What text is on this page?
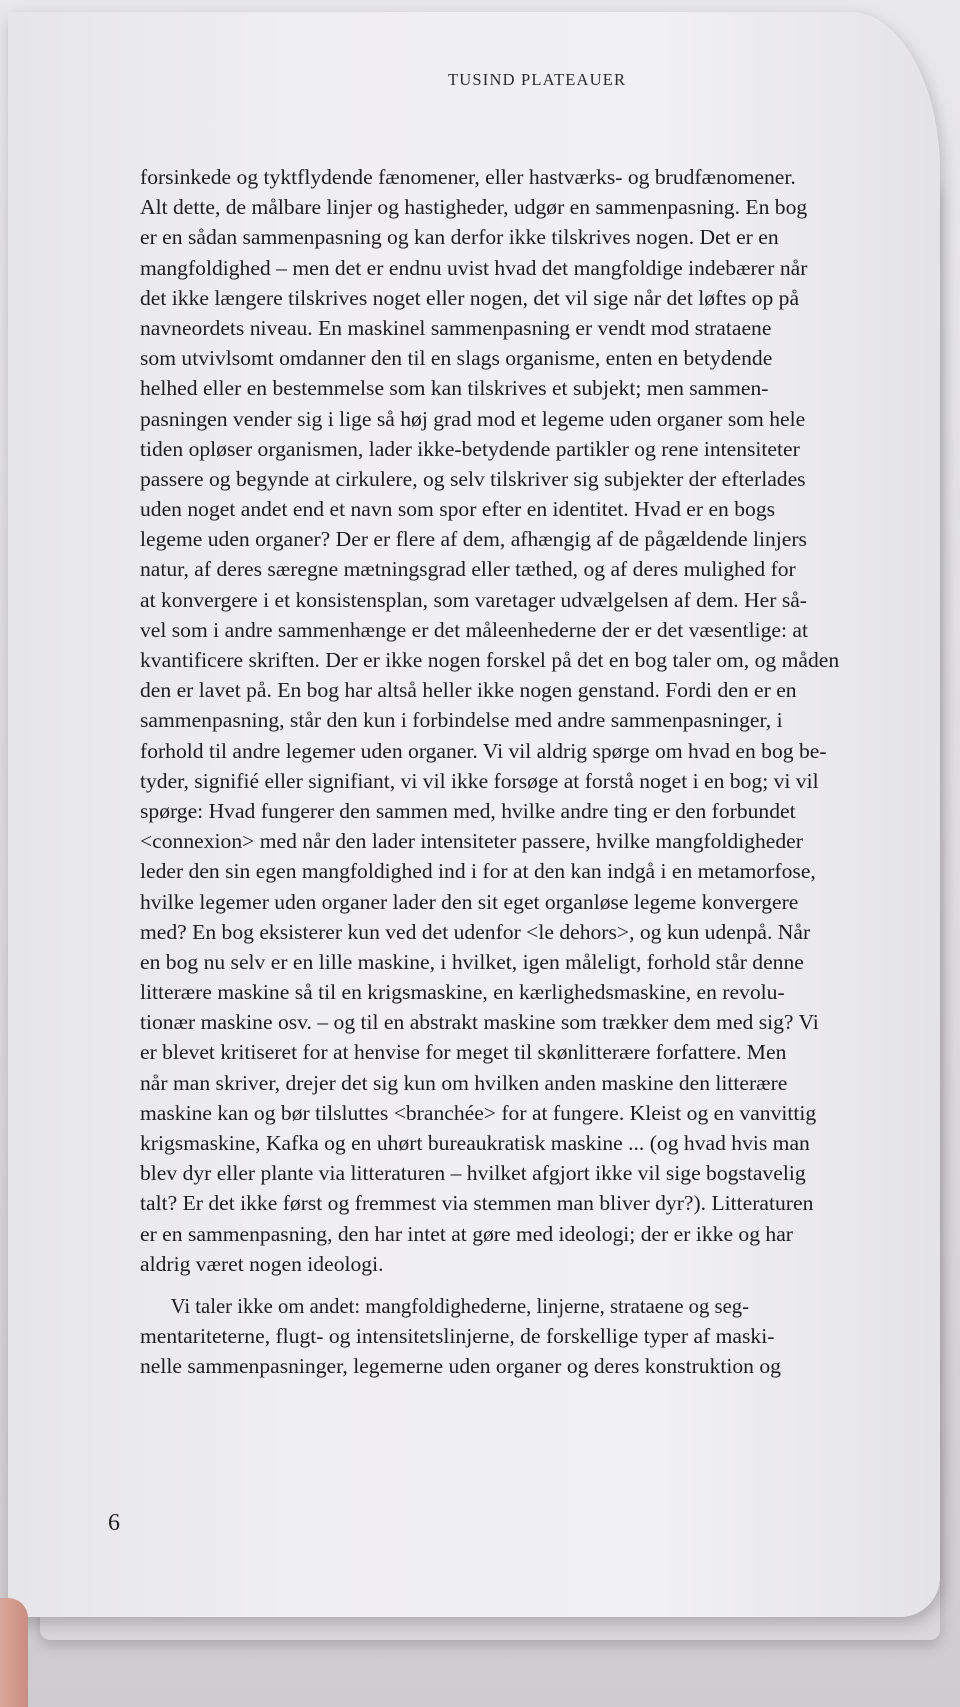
TUSIND PLATEAUER
forsinkede og tyktflydende fænomener, eller hastværks- og brudfænomener.
Alt dette, de målbare linjer og hastigheder, udgør en sammenpasning. En bog
er en sådan sammenpasning og kan derfor ikke tilskrives nogen. Det er en
mangfoldighed – men det er endnu uvist hvad det mangfoldige indebærer når
det ikke længere tilskrives noget eller nogen, det vil sige når det løftes op på
navneordets niveau. En maskinel sammenpasning er vendt mod strataene
som utvivlsomt omdanner den til en slags organisme, enten en betydende
helhed eller en bestemmelse som kan tilskrives et subjekt; men sammen-
pasningen vender sig i lige så høj grad mod et legeme uden organer som hele
tiden opløser organismen, lader ikke-betydende partikler og rene intensiteter
passere og begynde at cirkulere, og selv tilskriver sig subjekter der efterlades
uden noget andet end et navn som spor efter en identitet. Hvad er en bogs
legeme uden organer? Der er flere af dem, afhængig af de pågældende linjers
natur, af deres særegne mætningsgrad eller tæthed, og af deres mulighed for
at konvergere i et konsistensplan, som varetager udvælgelsen af dem. Her så-
vel som i andre sammenhænge er det måleenhederne der er det væsentlige: at
kvantificere skriften. Der er ikke nogen forskel på det en bog taler om, og måden
den er lavet på. En bog har altså heller ikke nogen genstand. Fordi den er en
sammenpasning, står den kun i forbindelse med andre sammenpasninger, i
forhold til andre legemer uden organer. Vi vil aldrig spørge om hvad en bog be-
tyder, signifié eller signifiant, vi vil ikke forsøge at forstå noget i en bog; vi vil
spørge: Hvad fungerer den sammen med, hvilke andre ting er den forbundet
<connexion> med når den lader intensiteter passere, hvilke mangfoldigheder
leder den sin egen mangfoldighed ind i for at den kan indgå i en metamorfose,
hvilke legemer uden organer lader den sit eget organløse legeme konvergere
med? En bog eksisterer kun ved det udenfor <le dehors>, og kun udenpå. Når
en bog nu selv er en lille maskine, i hvilket, igen måleligt, forhold står denne
litterære maskine så til en krigsmaskine, en kærlighedsmaskine, en revolu-
tionær maskine osv. – og til en abstrakt maskine som trækker dem med sig? Vi
er blevet kritiseret for at henvise for meget til skønlitterære forfattere. Men
når man skriver, drejer det sig kun om hvilken anden maskine den litterære
maskine kan og bør tilsluttes <branchée> for at fungere. Kleist og en vanvittig
krigsmaskine, Kafka og en uhørt bureaukratisk maskine ... (og hvad hvis man
blev dyr eller plante via litteraturen – hvilket afgjort ikke vil sige bogstavelig
talt? Er det ikke først og fremmest via stemmen man bliver dyr?). Litteraturen
er en sammenpasning, den har intet at gøre med ideologi; der er ikke og har
aldrig været nogen ideologi.
Vi taler ikke om andet: mangfoldighederne, linjerne, strataene og seg-
mentariteterne, flugt- og intensitetslinjerne, de forskellige typer af maski-
nelle sammenpasninger, legemerne uden organer og deres konstruktion og
6
